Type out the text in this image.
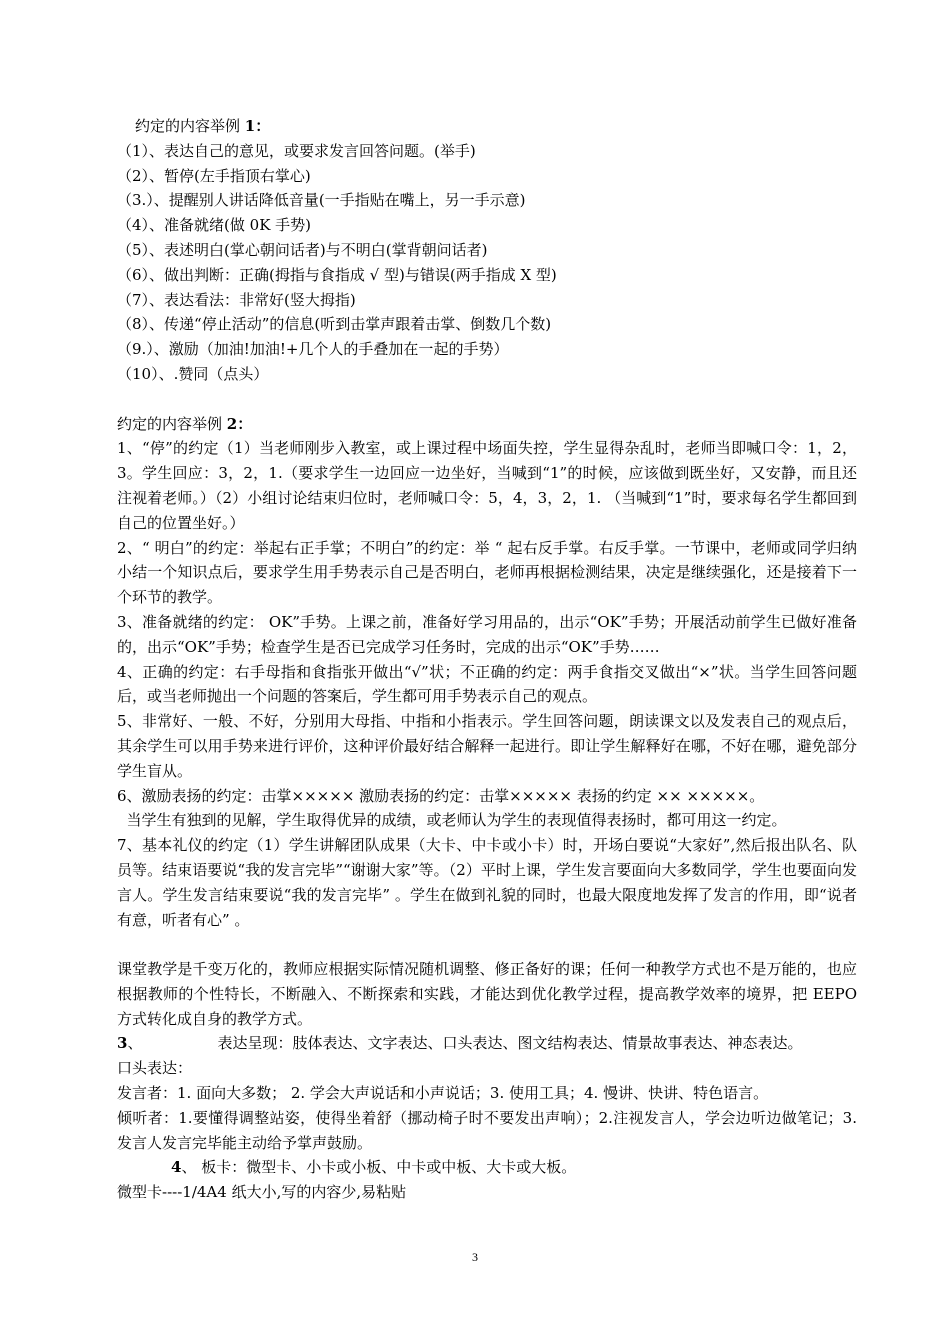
约定的内容举例 1：
（1）、表达自己的意见，或要求发言回答问题。(举手)
（2）、暂停(左手指顶右掌心)
（3.）、提醒别人讲话降低音量(一手指贴在嘴上，另一手示意)
（4）、准备就绪(做 0K 手势)
（5）、表述明白(掌心朝问话者)与不明白(掌背朝问话者)
（6）、做出判断：正确(拇指与食指成 √ 型)与错误(两手指成 X 型)
（7）、表达看法：非常好(竖大拇指)
（8）、传递“停止活动”的信息(听到击掌声跟着击掌、倒数几个数)
（9.）、激励（加油!加油!+几个人的手叠加在一起的手势）
（10）、.赞同（点头）
约定的内容举例 2：
1、“停”的约定（1）当老师刚步入教室，或上课过程中场面失控，学生显得杂乱时，老师当即喊口令：1，2，3。学生回应：3，2，1.（要求学生一边回应一边坐好，当喊到“1”的时候，应该做到既坐好，又安静，而且还注视着老师。）（2）小组讨论结束归位时，老师喊口令：5，4，3，2，1. （当喊到“1”时，要求每名学生都回到自己的位置坐好。）
2、“ 明白”的约定：举起右正手掌；不明白”的约定：举 “ 起右反手掌。右反手掌。一节课中，老师或同学归纳小结一个知识点后，要求学生用手势表示自己是否明白，老师再根据检测结果，决定是继续强化，还是接着下一个环节的教学。
3、准备就绪的约定： OK”手势。上课之前，准备好学习用品的，出示“OK”手势；开展活动前学生已做好准备的，出示“OK”手势；检查学生是否已完成学习任务时，完成的出示“OK”手势……
4、正确的约定：右手母指和食指张开做出“√”状；不正确的约定：两手食指交叉做出“×”状。当学生回答问题后，或当老师抛出一个问题的答案后，学生都可用手势表示自己的观点。
5、非常好、一般、不好，分别用大母指、中指和小指表示。学生回答问题，朗读课文以及发表自己的观点后，其余学生可以用手势来进行评价，这种评价最好结合解释一起进行。即让学生解释好在哪，不好在哪，避免部分学生盲从。
6、激励表扬的约定：击掌××××× 激励表扬的约定：击掌××××× 表扬的约定 ×× ×××××。
当学生有独到的见解，学生取得优异的成绩，或老师认为学生的表现值得表扬时，都可用这一约定。
7、基本礼仪的约定（1）学生讲解团队成果（大卡、中卡或小卡）时，开场白要说“大家好”,然后报出队名、队员等。结束语要说“我的发言完毕”“谢谢大家”等。（2）平时上课，学生发言要面向大多数同学，学生也要面向发言人。学生发言结束要说“我的发言完毕” 。学生在做到礼貌的同时，也最大限度地发挥了发言的作用，即“说者有意，听者有心” 。
课堂教学是千变万化的，教师应根据实际情况随机调整、修正备好的课；任何一种教学方式也不是万能的，也应根据教师的个性特长，不断融入、不断探索和实践，才能达到优化教学过程，提高教学效率的境界，把 EEPO 方式转化成自身的教学方式。
3、	表达呈现：肢体表达、文字表达、口头表达、图文结构表达、情景故事表达、神态表达。
口头表达：
发言者：1. 面向大多数； 2. 学会大声说话和小声说话；3. 使用工具；4. 慢讲、快讲、特色语言。
倾听者：1.要懂得调整站姿，使得坐着舒（挪动椅子时不要发出声响）；2.注视发言人，学会边听边做笔记；3.发言人发言完毕能主动给予掌声鼓励。
4、 板卡：微型卡、小卡或小板、中卡或中板、大卡或大板。
微型卡----1/4A4 纸大小,写的内容少,易粘贴
3
